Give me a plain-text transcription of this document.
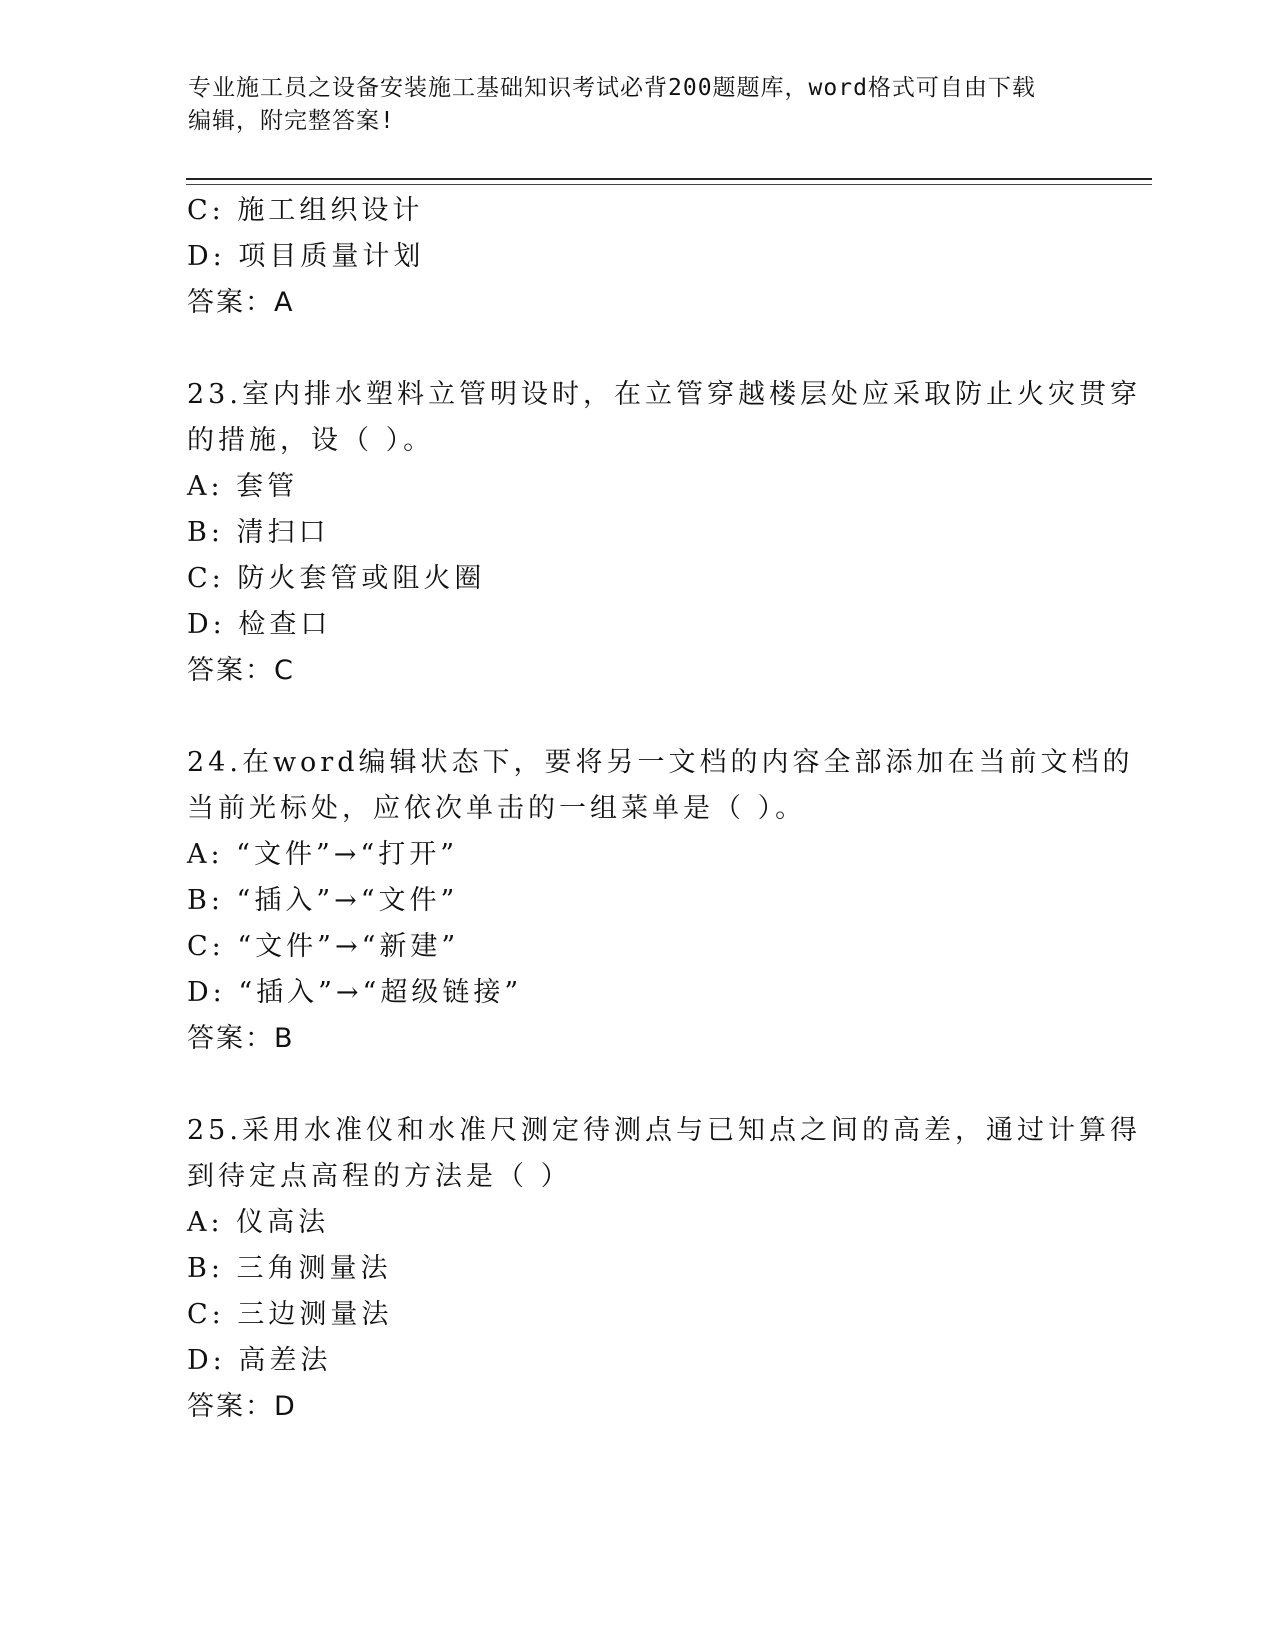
专业施工员之设备安装施工基础知识考试必背200题题库，word格式可自由下载
编辑，附完整答案!
C: 施工组织设计
D: 项目质量计划
答案：A
23.室内排水塑料立管明设时，在立管穿越楼层处应采取防止火灾贯穿
的措施，设（ ）。
A: 套管
B: 清扫口
C: 防火套管或阻火圈
D: 检查口
答案：C
24.在word编辑状态下，要将另一文档的内容全部添加在当前文档的
当前光标处，应依次单击的一组菜单是（ ）。
A: “文件”→“打开”
B: “插入”→“文件”
C: “文件”→“新建”
D: “插入”→“超级链接”
答案：B
25.采用水准仪和水准尺测定待测点与已知点之间的高差，通过计算得
到待定点高程的方法是（ ）
A: 仪高法
B: 三角测量法
C: 三边测量法
D: 高差法
答案：D
